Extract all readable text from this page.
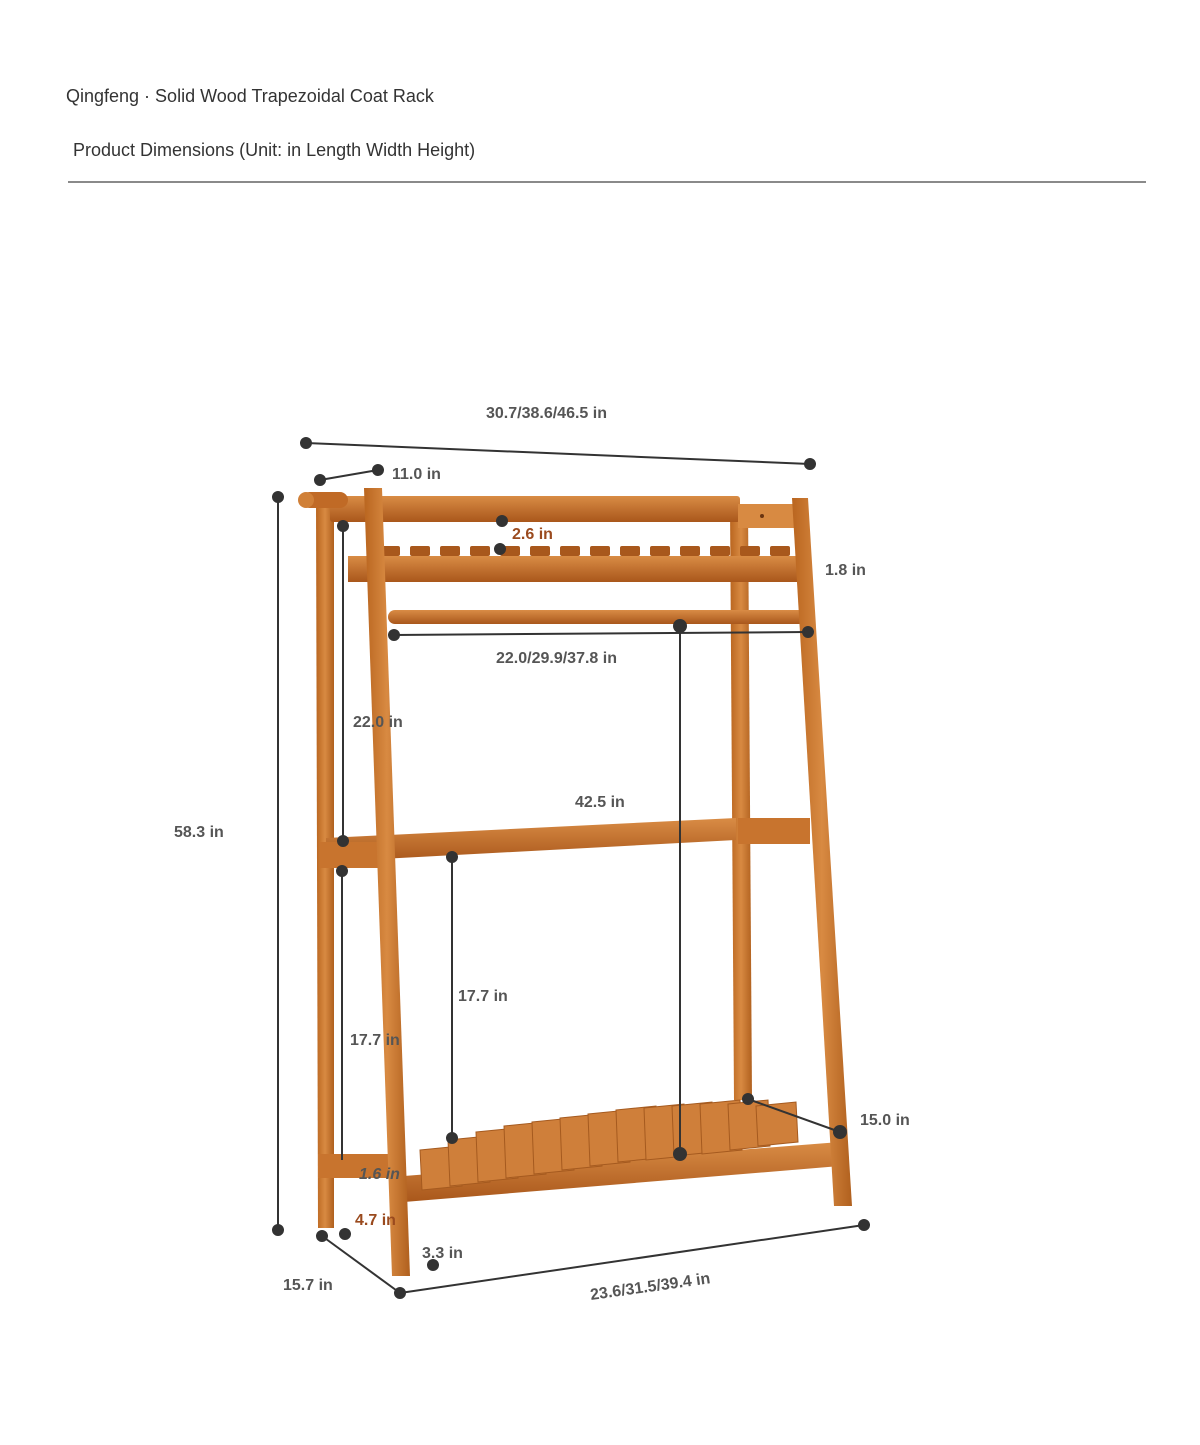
Qingfeng · Solid Wood Trapezoidal Coat Rack
Product Dimensions (Unit: in Length Width Height)
30.7/38.6/46.5 in
11.0 in
2.6 in
1.8 in
22.0/29.9/37.8 in
22.0 in
42.5 in
58.3 in
17.7 in
17.7 in
15.0 in
1.6 in
4.7 in
3.3 in
15.7 in	23.6/31.5/39.4 in
